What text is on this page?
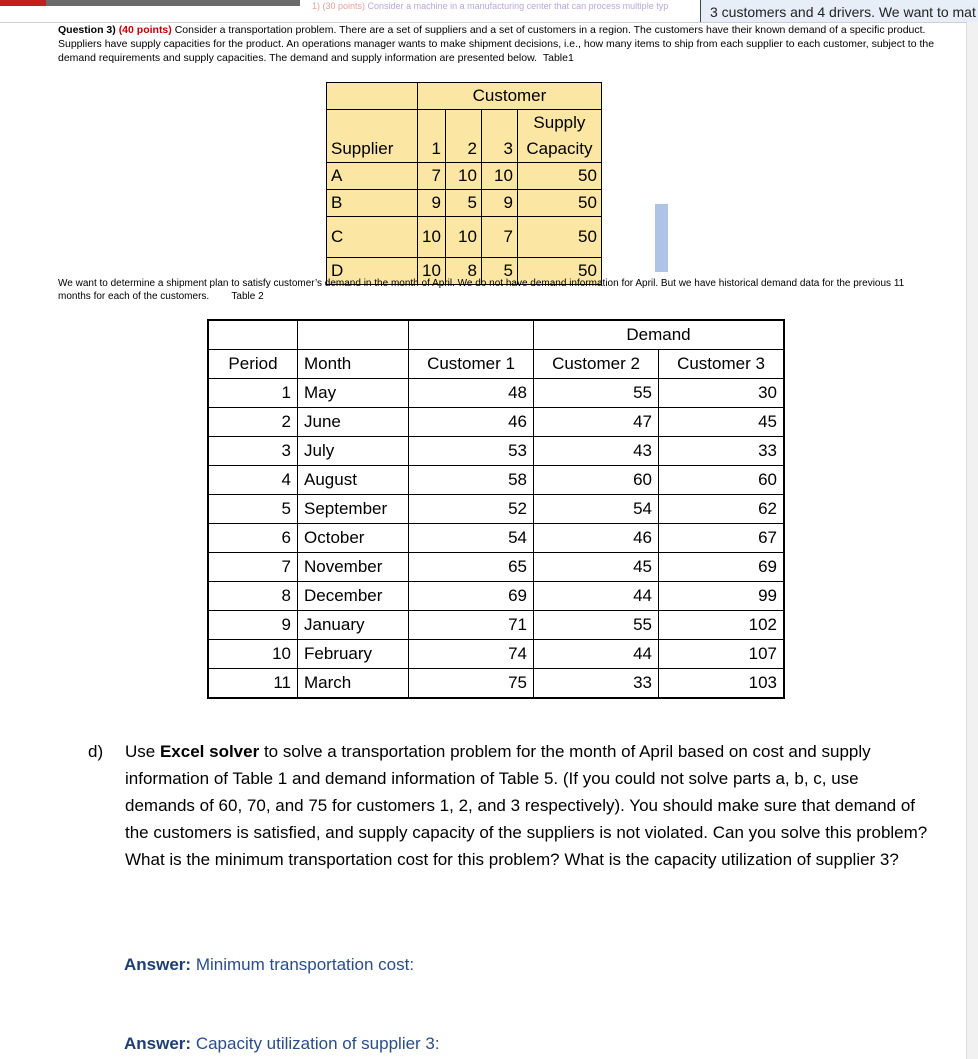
1) (30 points) Consider a machine in a manufacturing center that can process multiple typ	3 customers and 4 drivers. We want to mat
Question 3) (40 points) Consider a transportation problem. There are a set of suppliers and a set of customers in a region. The customers have their known demand of a specific product. Suppliers have supply capacities for the product. An operations manager wants to make shipment decisions, i.e., how many items to ship from each supplier to each customer, subject to the demand requirements and supply capacities. The demand and supply information are presented below. Table1
	Customer			
				Supply
Supplier	1	2	3	Capacity
A	7	10	10	50
B	9	5	9	50
C	10	10	7	50
D	10	8	5	50
We want to determine a shipment plan to satisfy customer’s demand in the month of April. We do not have demand information for April. But we have historical demand data for the previous 11 months for each of the customers. Table 2
			Demand	
Period	Month	Customer 1	Customer 2	Customer 3
1	May	48	55	30
2	June	46	47	45
3	July	53	43	33
4	August	58	60	60
5	September	52	54	62
6	October	54	46	67
7	November	65	45	69
8	December	69	44	99
9	January	71	55	102
10	February	74	44	107
11	March	75	33	103
d) Use Excel solver to solve a transportation problem for the month of April based on cost and supply information of Table 1 and demand information of Table 5. (If you could not solve parts a, b, c, use demands of 60, 70, and 75 for customers 1, 2, and 3 respectively). You should make sure that demand of the customers is satisfied, and supply capacity of the suppliers is not violated. Can you solve this problem? What is the minimum transportation cost for this problem? What is the capacity utilization of supplier 3?
Answer: Minimum transportation cost:
Answer: Capacity utilization of supplier 3:
